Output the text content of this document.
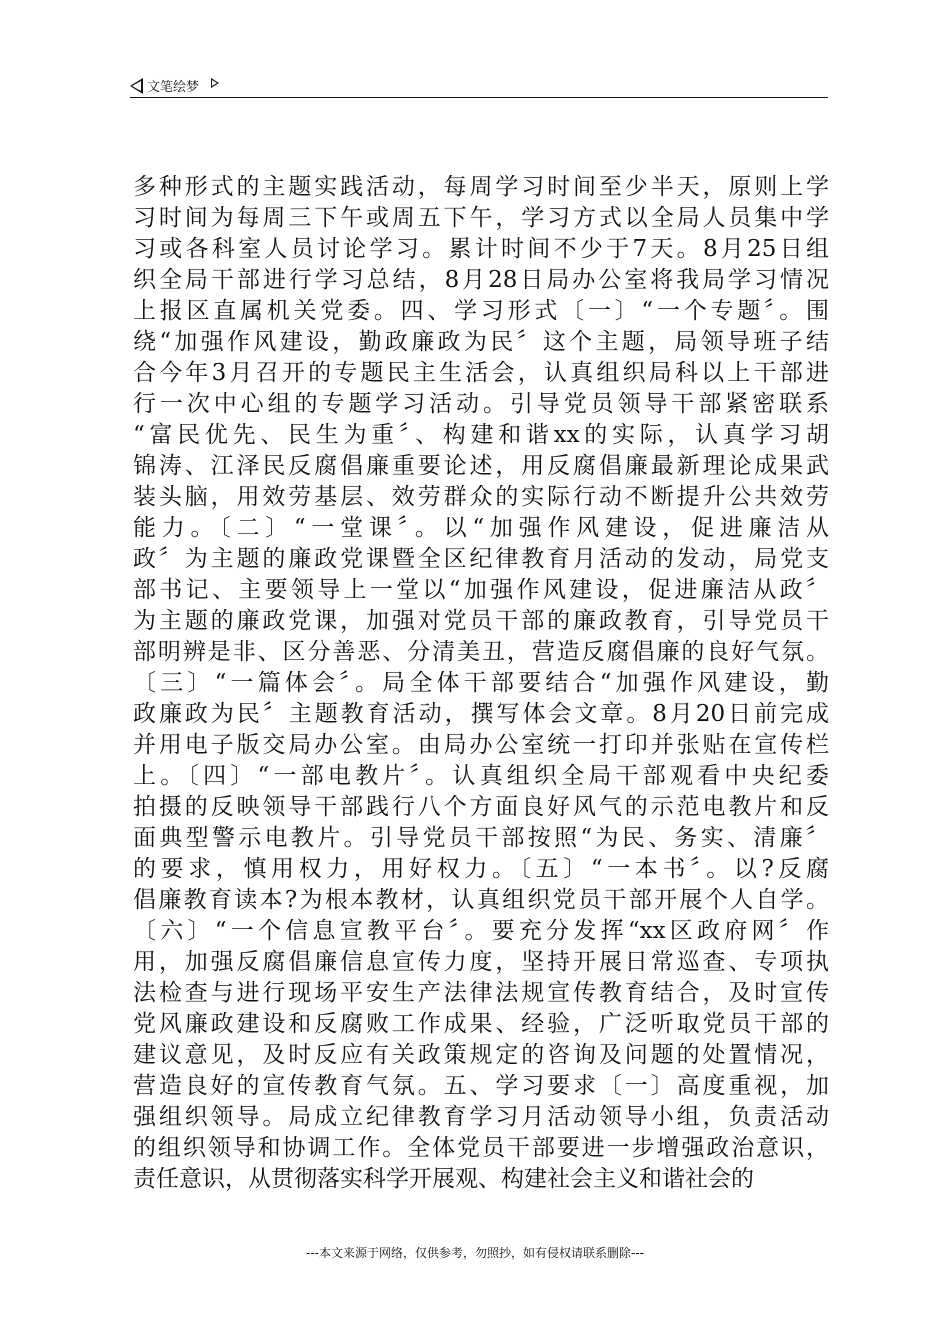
文笔绘梦
多种形式的主题实践活动，每周学习时间至少半天，原则上学
习时间为每周三下午或周五下午，学习方式以全局人员集中学
习或各科室人员讨论学习。累计时间不少于7天。8月25日组
织全局干部进行学习总结，8月28日局办公室将我局学习情况
上报区直属机关党委。四、学习形式〔一〕“一个专题〞。围
绕“加强作风建设，勤政廉政为民〞这个主题，局领导班子结
合今年3月召开的专题民主生活会，认真组织局科以上干部进
行一次中心组的专题学习活动。引导党员领导干部紧密联系
“富民优先、民生为重〞、构建和谐xx的实际，认真学习胡
锦涛、江泽民反腐倡廉重要论述，用反腐倡廉最新理论成果武
装头脑，用效劳基层、效劳群众的实际行动不断提升公共效劳
能力。〔二〕“一堂课〞。以“加强作风建设，促进廉洁从
政〞为主题的廉政党课暨全区纪律教育月活动的发动，局党支
部书记、主要领导上一堂以“加强作风建设，促进廉洁从政〞
为主题的廉政党课，加强对党员干部的廉政教育，引导党员干
部明辨是非、区分善恶、分清美丑，营造反腐倡廉的良好气氛。
〔三〕“一篇体会〞。局全体干部要结合“加强作风建设，勤
政廉政为民〞主题教育活动，撰写体会文章。8月20日前完成
并用电子版交局办公室。由局办公室统一打印并张贴在宣传栏
上。〔四〕“一部电教片〞。认真组织全局干部观看中央纪委
拍摄的反映领导干部践行八个方面良好风气的示范电教片和反
面典型警示电教片。引导党员干部按照“为民、务实、清廉〞
的要求，慎用权力，用好权力。〔五〕“一本书〞。以?反腐
倡廉教育读本?为根本教材，认真组织党员干部开展个人自学。
〔六〕“一个信息宣教平台〞。要充分发挥“xx区政府网〞作
用，加强反腐倡廉信息宣传力度，坚持开展日常巡查、专项执
法检查与进行现场平安生产法律法规宣传教育结合，及时宣传
党风廉政建设和反腐败工作成果、经验，广泛听取党员干部的
建议意见，及时反应有关政策规定的咨询及问题的处置情况，
营造良好的宣传教育气氛。五、学习要求〔一〕高度重视，加
强组织领导。局成立纪律教育学习月活动领导小组，负责活动
的组织领导和协调工作。全体党员干部要进一步增强政治意识，
责任意识，从贯彻落实科学开展观、构建社会主义和谐社会的
---本文来源于网络，仅供参考，勿照抄，如有侵权请联系删除---
